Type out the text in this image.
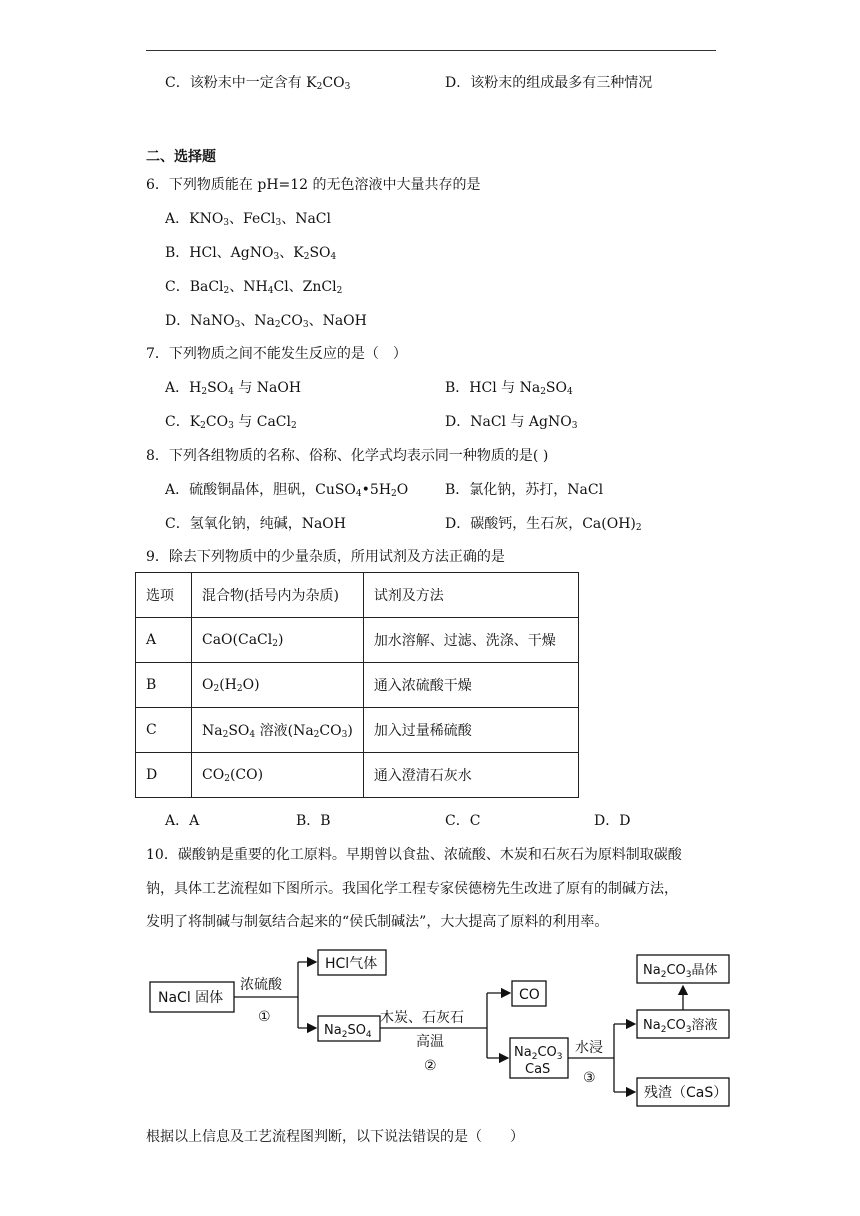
C．该粉末中一定含有 $K_2CO_3$	D．该粉末的组成最多有三种情况
二、选择题
6．下列物质能在 pH=12 的无色溶液中大量共存的是
A．$KNO_3$、FeCl$_3$、NaCl
B．HCl、AgNO$_3$、$K_2SO_4$
C．BaCl$_2$、$NH_4Cl$、ZnCl$_2$
D．NaNO$_3$、$Na_2CO_3$、NaOH
7．下列物质之间不能发生反应的是（　）
A．$H_2SO_4$ 与 NaOH	B．HCl 与 $Na_2SO_4$
C．$K_2CO_3$ 与 CaCl$_2$	D．NaCl 与 AgNO$_3$
8．下列各组物质的名称、俗称、化学式均表示同一种物质的是( )
A．硫酸铜晶体，胆矾，$CuSO_4•5H_2O$	B．氯化钠，苏打，NaCl
C．氢氧化钠，纯碱，NaOH	D．碳酸钙，生石灰，$Ca(OH)_2$
9．除去下列物质中的少量杂质，所用试剂及方法正确的是
选项	混合物(括号内为杂质)	试剂及方法
A	CaO(CaCl$_2$)	加水溶解、过滤、洗涤、干燥
B	$O_2(H_2O)$	通入浓硫酸干燥
C	$Na_2SO_4$ 溶液$(Na_2CO_3)$	加入过量稀硫酸
D	$CO_2(CO)$	通入澄清石灰水
A．A	B．B	C．C	D．D
10．碳酸钠是重要的化工原料。早期曾以食盐、浓硫酸、木炭和石灰石为原料制取碳酸
钠，具体工艺流程如下图所示。我国化学工程专家侯德榜先生改进了原有的制碱方法，
发明了将制碱与制氨结合起来的“侯氏制碱法”，大大提高了原料的利用率。
NaCl 固体
浓硫酸
①
HCl气体
$Na_2SO_4$
木炭、石灰石
高温
②
CO
$Na_2CO_3$
CaS
水浸
③
$Na_2CO_3$晶体
$Na_2CO_3$溶液
残渣（CaS）
根据以上信息及工艺流程图判断，以下说法错误的是（　　）
